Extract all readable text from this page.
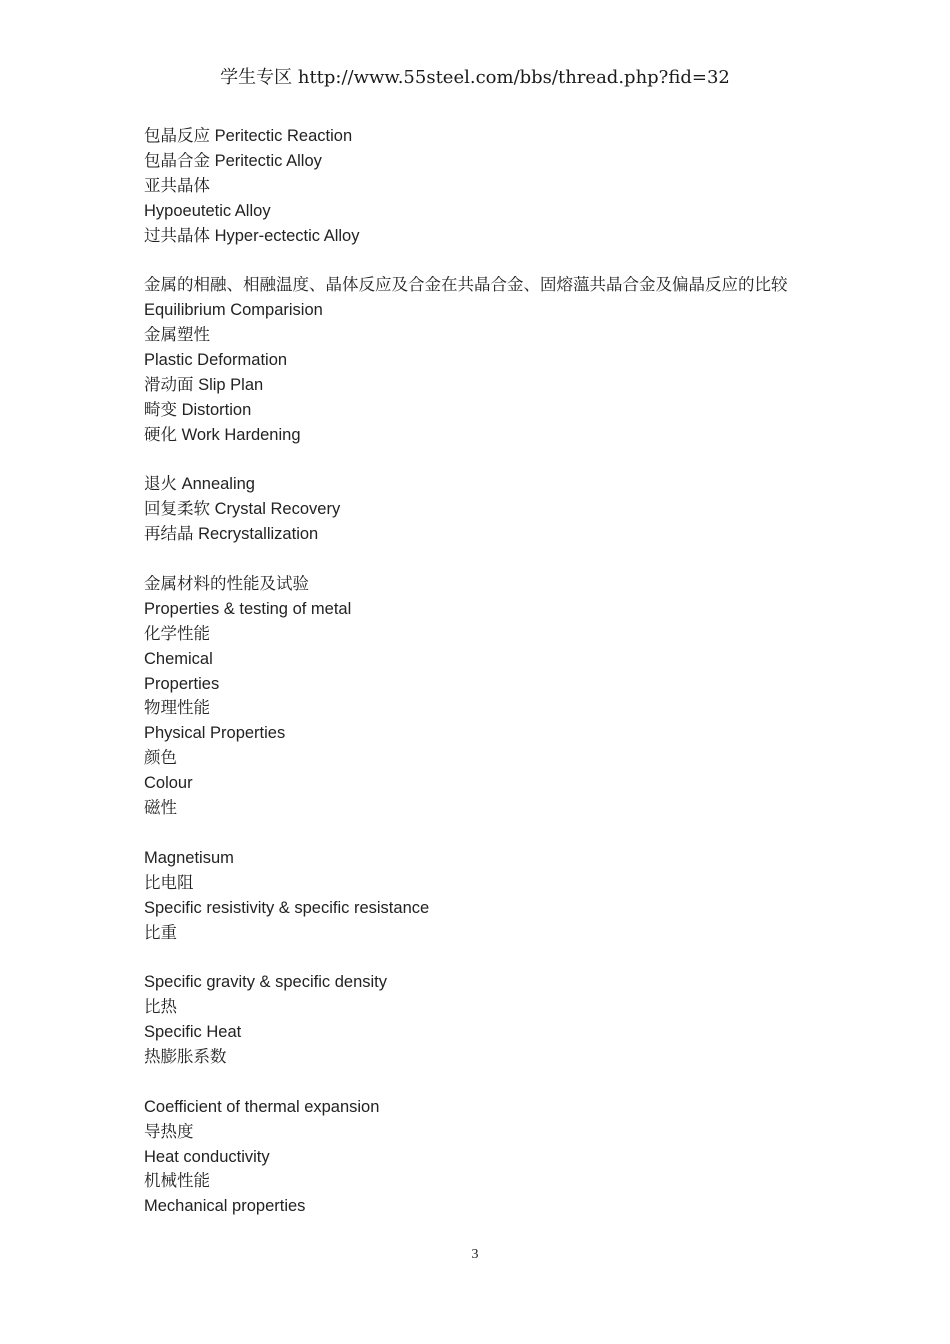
学生专区 http://www.55steel.com/bbs/thread.php?fid=32
包晶反应 Peritectic Reaction
包晶合金 Peritectic Alloy
亚共晶体
Hypoeutetic Alloy
过共晶体 Hyper-ectectic Alloy
金属的相融、相融温度、晶体反应及合金在共晶合金、固熔薀共晶合金及偏晶反应的比较
Equilibrium Comparision
金属塑性
Plastic Deformation
滑动面 Slip Plan
畸变 Distortion
硬化 Work Hardening
退火 Annealing
回复柔软 Crystal Recovery
再结晶 Recrystallization
金属材料的性能及试验
Properties & testing of metal
化学性能
Chemical
Properties
物理性能
Physical Properties
颜色
Colour
磁性
Magnetisum
比电阻
Specific resistivity & specific resistance
比重
Specific gravity & specific density
比热
Specific Heat
热膨胀系数
Coefficient of thermal expansion
导热度
Heat conductivity
机械性能
Mechanical properties
3
